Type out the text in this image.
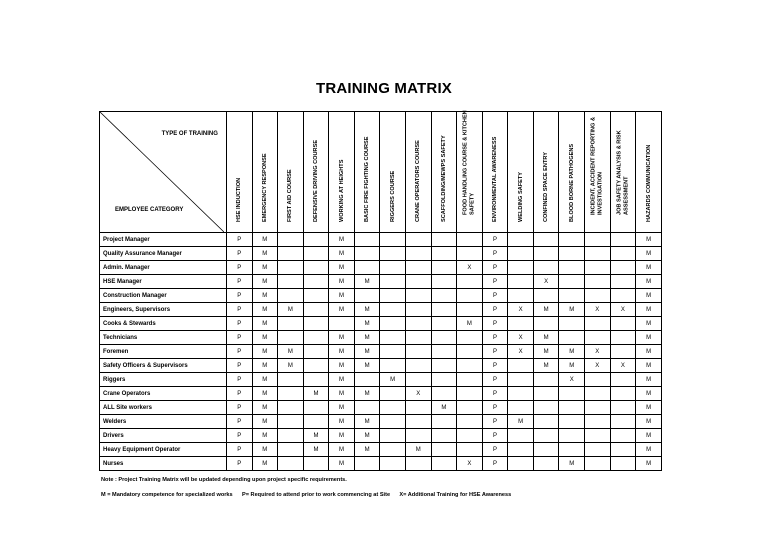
TRAINING MATRIX
TYPE OF TRAINING
EMPLOYEE CATEGORY	HSE INDUCTION	EMERGENCY RESPONSE	FIRST AID COURSE	DEFENSIVE DRIVING COURSE	WORKING AT HEIGHTS	BASIC FIRE FIGHTING COURSE	RIGGERS COURSE	CRANE OPERATORS COURSE	SCAFFOLDING/MEWPS SAFETY	FOOD HANDLING COURSE & KITCHEN SAFETY	ENVIRONMENTAL AWARENESS	WELDING SAFETY	CONFINED SPACE ENTRY	BLOOD BORNE PATHOGENS	INCIDENT, ACCIDENT REPORTING & INVESTIGATION	JOB SAFETY ANALYSIS & RISK ASSESSMENT	HAZARDS COMMUNICATION

Project Manager	P	M			M						P						M
Quality Assurance Manager	P	M			M						P						M
Admin. Manager	P	M			M					X	P						M
HSE Manager	P	M			M	M					P		X				M
Construction Manager	P	M			M						P						M
Engineers, Supervisors	P	M	M		M	M					P	X	M	M	X	X	M
Cooks & Stewards	P	M				M				M	P						M
Technicians	P	M			M	M					P	X	M				M
Foremen	P	M	M		M	M					P	X	M	M	X		M
Safety Officers & Supervisors	P	M	M		M	M					P		M	M	X	X	M
Riggers	P	M			M		M				P			X			M
Crane Operators	P	M		M	M	M		X			P						M
ALL Site workers	P	M			M				M		P						M
Welders	P	M			M	M					P	M					M
Drivers	P	M		M	M	M					P						M
Heavy Equipment Operator	P	M		M	M	M		M			P						M
Nurses	P	M			M					X	P			M			M
Note : Project Training Matrix will be updated depending upon project specific requirements.
M = Mandatory competence for specialized works P= Required to attend prior to work commencing at Site X= Additional Training for HSE Awareness
